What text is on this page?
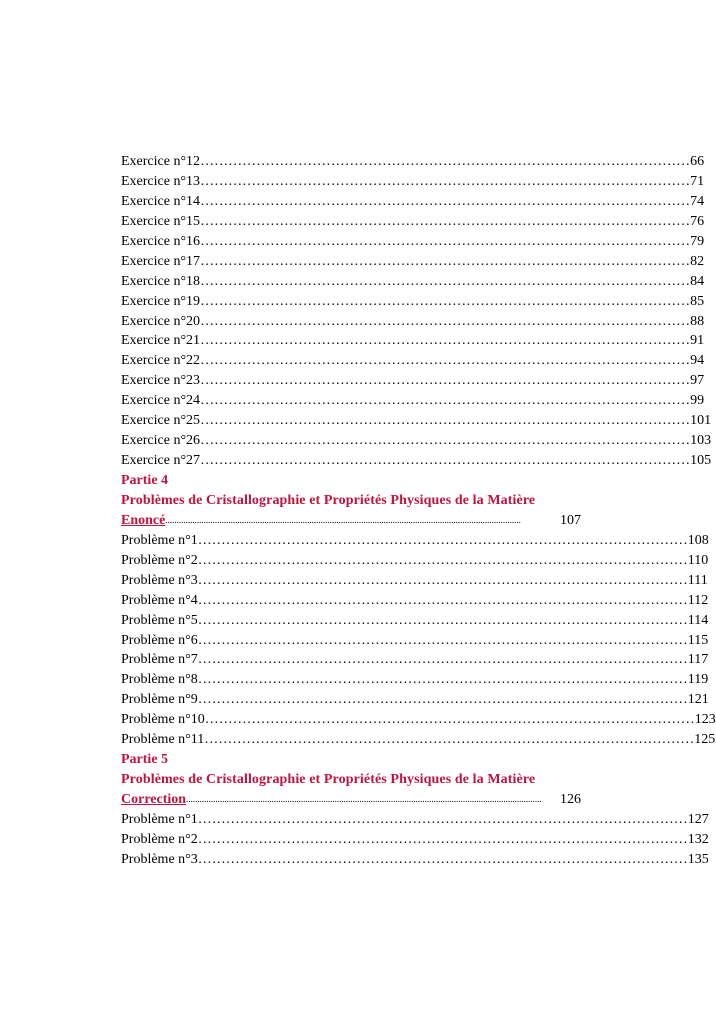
Exercice n°12 …………………………………………………………………………………………… 66
Exercice n°13 …………………………………………………………………………………………… 71
Exercice n°14 …………………………………………………………………………………………… 74
Exercice n°15 …………………………………………………………………………………………… 76
Exercice n°16 …………………………………………………………………………………………… 79
Exercice n°17 …………………………………………………………………………………………… 82
Exercice n°18 …………………………………………………………………………………………… 84
Exercice n°19 …………………………………………………………………………………………… 85
Exercice n°20 …………………………………………………………………………………………… 88
Exercice n°21 …………………………………………………………………………………………… 91
Exercice n°22 …………………………………………………………………………………………… 94
Exercice n°23 …………………………………………………………………………………………… 97
Exercice n°24 …………………………………………………………………………………………… 99
Exercice n°25 …………………………………………………………………………………………… 101
Exercice n°26 …………………………………………………………………………………………… 103
Exercice n°27 …………………………………………………………………………………………… 105
Partie 4
Problèmes de Cristallographie et Propriétés Physiques de la Matière
Enoncé ..............................................................................................................................................................	107
Problème n°1 …………………………………………………………………………………………… 108
Problème n°2 …………………………………………………………………………………………… 110
Problème n°3 …………………………………………………………………………………………… 111
Problème n°4 …………………………………………………………………………………………… 112
Problème n°5 …………………………………………………………………………………………… 114
Problème n°6 …………………………………………………………………………………………… 115
Problème n°7 …………………………………………………………………………………………… 117
Problème n°8 …………………………………………………………………………………………… 119
Problème n°9 …………………………………………………………………………………………… 121
Problème n°10 …………………………………………………………………………………………… 123
Problème n°11 …………………………………………………………………………………………… 125
Partie 5
Problèmes de Cristallographie et Propriétés Physiques de la Matière
Correction ..............................................................................................................................................................	126
Problème n°1 …………………………………………………………………………………………… 127
Problème n°2 …………………………………………………………………………………………… 132
Problème n°3 …………………………………………………………………………………………… 135
